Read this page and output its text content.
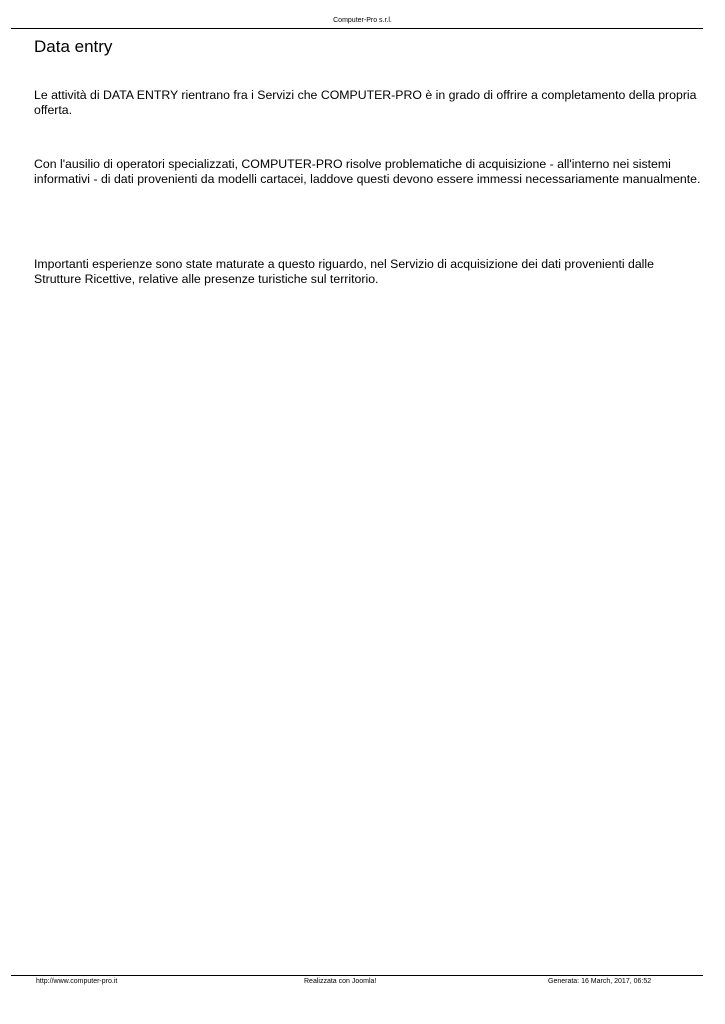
Computer-Pro s.r.l.
Data entry

Le attività di DATA ENTRY rientrano fra i Servizi che COMPUTER-PRO è in grado di offrire a completamento della propria offerta.

Con l'ausilio di operatori specializzati, COMPUTER-PRO risolve problematiche di acquisizione - all'interno nei sistemi informativi - di dati provenienti da modelli cartacei, laddove questi devono essere immessi necessariamente manualmente.

Importanti esperienze sono state maturate a questo riguardo, nel Servizio di acquisizione dei dati provenienti dalle Strutture Ricettive, relative alle presenze turistiche sul territorio.

http://www.computer-pro.it	Realizzata con Joomla!	Generata: 16 March, 2017, 06:52
